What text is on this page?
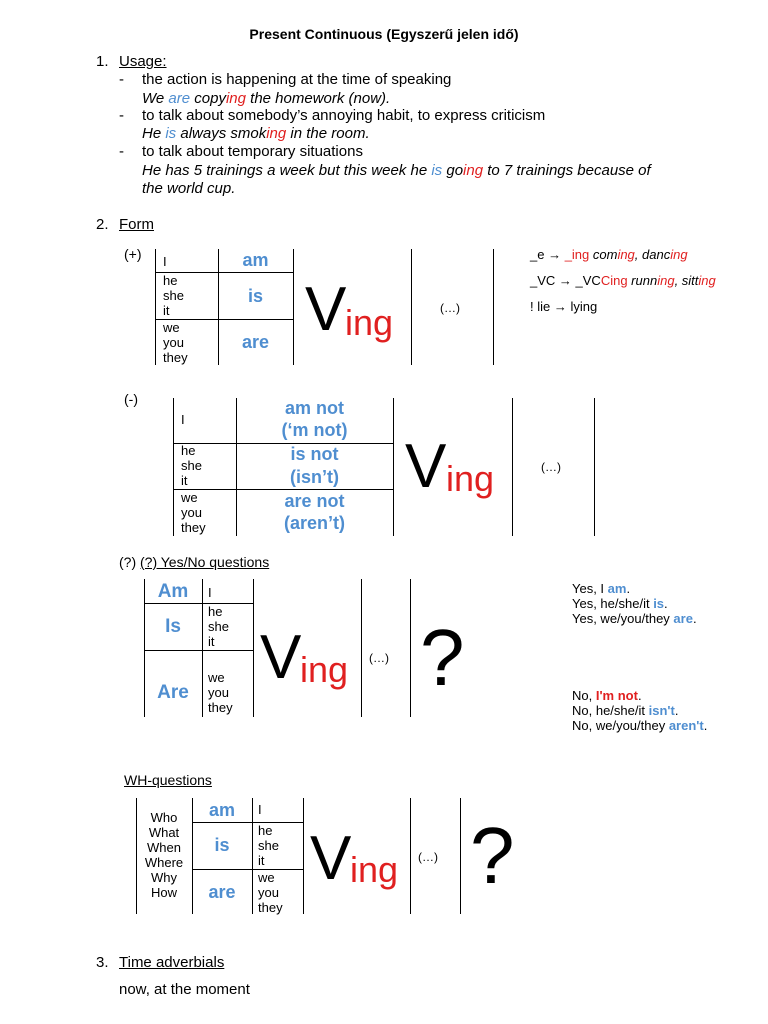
Present Continuous (Egyszerű jelen idő)
1. Usage:
- the action is happening at the time of speaking
We are copying the homework (now).
- to talk about somebody’s annoying habit, to express criticism
He is always smoking in the room.
- to talk about temporary situations
He has 5 trainings a week but this week he is going to 7 trainings because of
the world cup.
2. Form
(+) I
he
she
it
we
you
they
am
is
are V
ing	(…)
_e → _ing coming, dancing
_VC → _VCCing running, sitting
! lie → lying
(-)
I
he
she
it
we
you
they
am not
(‘m not)
is not
(isn’t)
are not
(aren’t)
V ing	(…)
(?) (?) Yes/No questions
Am
Is
Are
I
he
she
it
we
you
they
V
ing (…) ?
Yes, I am.
Yes, he/she/it is.
Yes, we/you/they are.
No, I'm not.
No, he/she/it isn't.
No, we/you/they aren't.
WH-questions
Who
What
When
Where
Why
How
am
is
are
I
he
she
it
we
you
they
V
ing (…) ?
3. Time adverbials
now, at the moment
